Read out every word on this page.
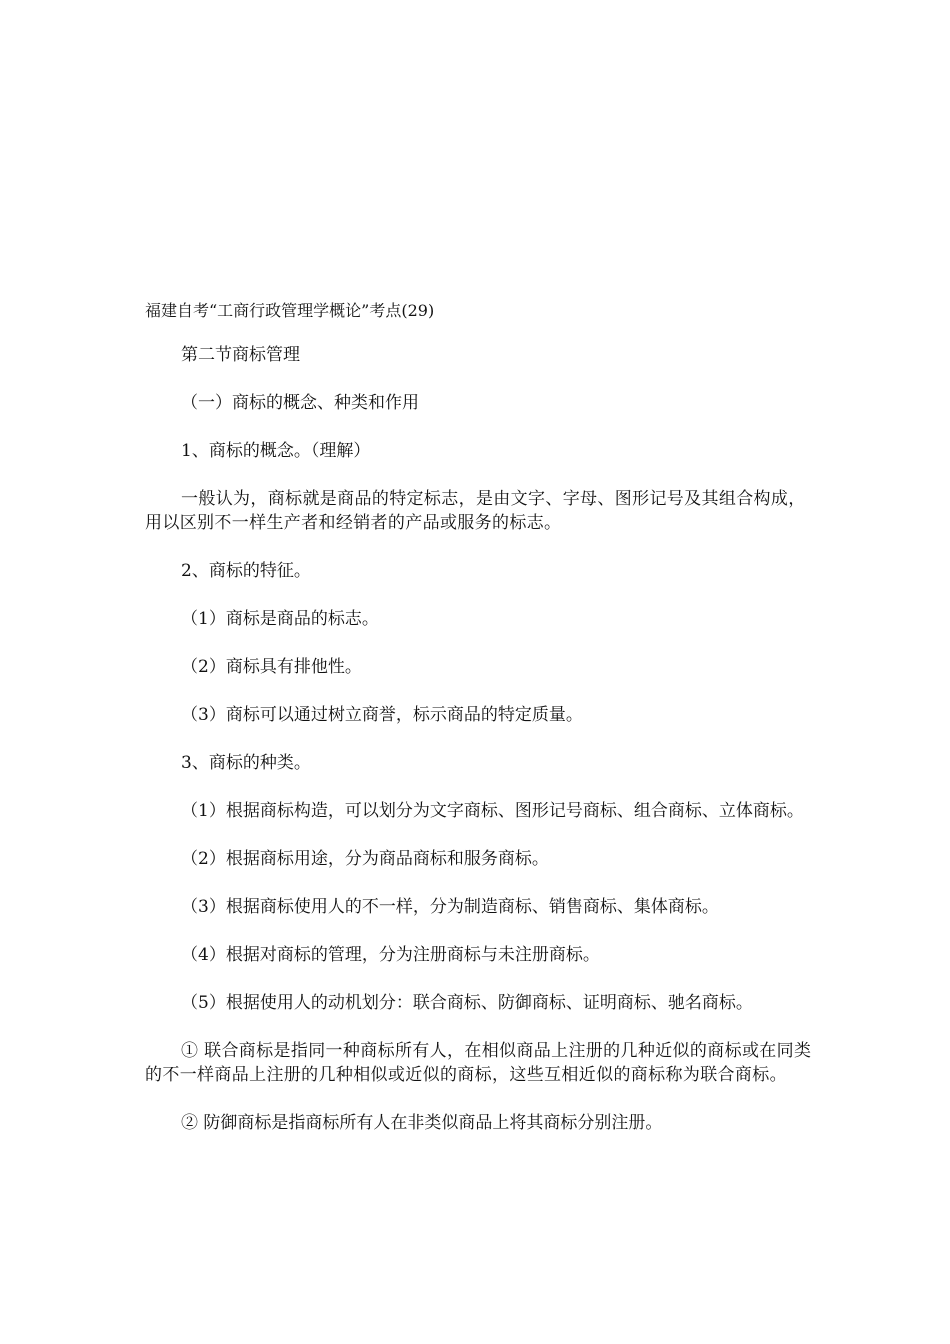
福建自考“工商行政管理学概论”考点(29)

第二节商标管理

（一）商标的概念、种类和作用

1、商标的概念。（理解）

一般认为，商标就是商品的特定标志，是由文字、字母、图形记号及其组合构成，用以区别不一样生产者和经销者的产品或服务的标志。

2、商标的特征。

（1）商标是商品的标志。

（2）商标具有排他性。

（3）商标可以通过树立商誉，标示商品的特定质量。

3、商标的种类。

（1）根据商标构造，可以划分为文字商标、图形记号商标、组合商标、立体商标。

（2）根据商标用途，分为商品商标和服务商标。

（3）根据商标使用人的不一样，分为制造商标、销售商标、集体商标。

（4）根据对商标的管理，分为注册商标与未注册商标。

（5）根据使用人的动机划分：联合商标、防御商标、证明商标、驰名商标。

① 联合商标是指同一种商标所有人，在相似商品上注册的几种近似的商标或在同类的不一样商品上注册的几种相似或近似的商标，这些互相近似的商标称为联合商标。

② 防御商标是指商标所有人在非类似商品上将其商标分别注册。
